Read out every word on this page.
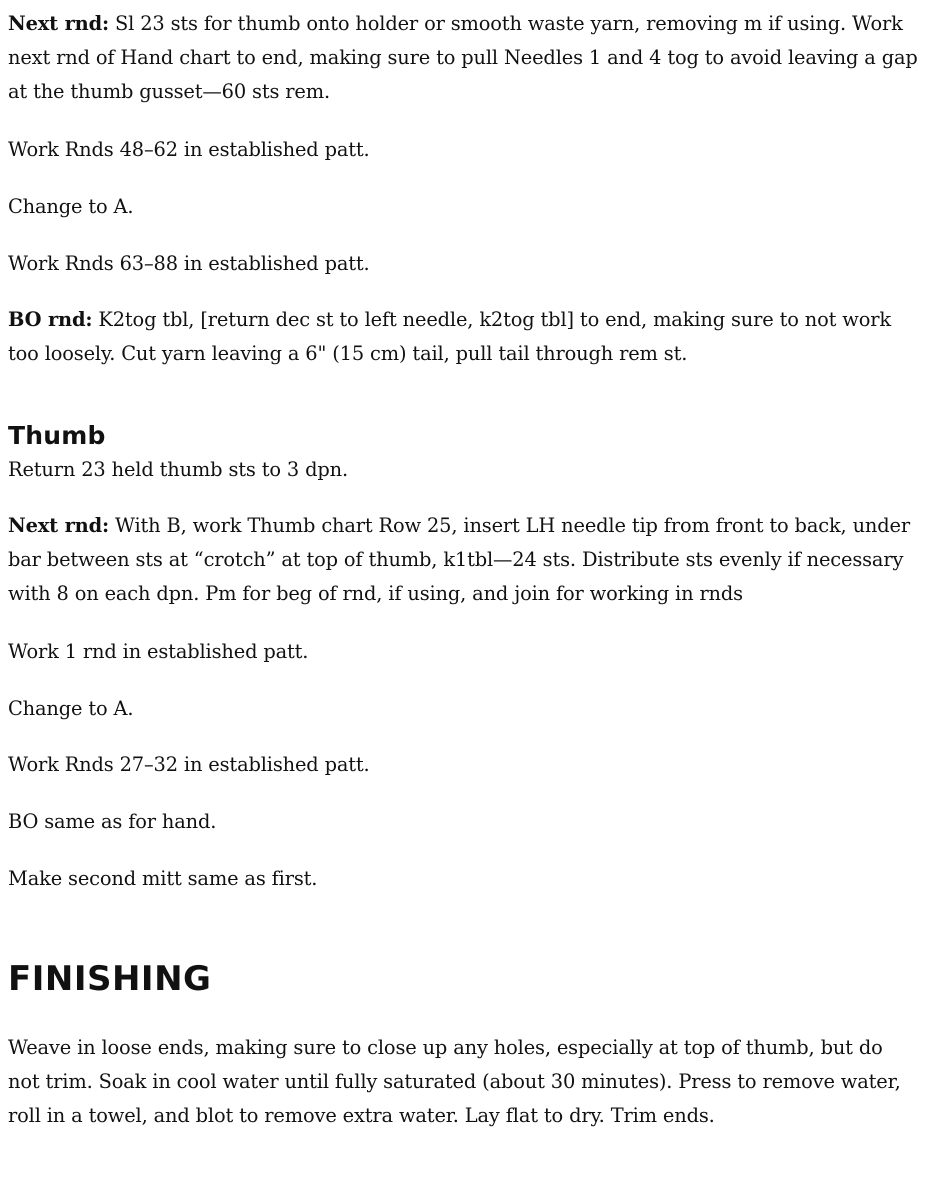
Next rnd: Sl 23 sts for thumb onto holder or smooth waste yarn, removing m if using. Work next rnd of Hand chart to end, making sure to pull Needles 1 and 4 tog to avoid leaving a gap at the thumb gusset—60 sts rem.

Work Rnds 48–62 in established patt.

Change to A.

Work Rnds 63–88 in established patt.

BO rnd: K2tog tbl, [return dec st to left needle, k2tog tbl] to end, making sure to not work too loosely. Cut yarn leaving a 6" (15 cm) tail, pull tail through rem st.

Thumb

Return 23 held thumb sts to 3 dpn.

Next rnd: With B, work Thumb chart Row 25, insert LH needle tip from front to back, under bar between sts at “crotch” at top of thumb, k1tbl—24 sts. Distribute sts evenly if necessary with 8 on each dpn. Pm for beg of rnd, if using, and join for working in rnds

Work 1 rnd in established patt.

Change to A.

Work Rnds 27–32 in established patt.

BO same as for hand.

Make second mitt same as first.

FINISHING

Weave in loose ends, making sure to close up any holes, especially at top of thumb, but do not trim. Soak in cool water until fully saturated (about 30 minutes). Press to remove water, roll in a towel, and blot to remove extra water. Lay flat to dry. Trim ends.
